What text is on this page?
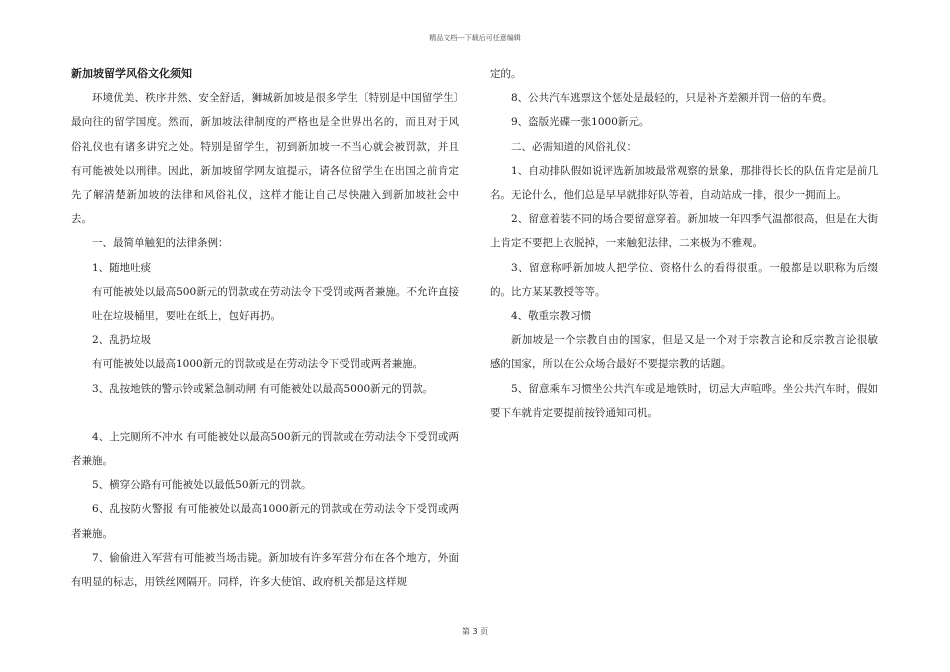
精品文档---下载后可任意编辑
新加坡留学风俗文化须知

环境优美、秩序井然、安全舒适，狮城新加坡是很多学生〔特别是中国留学生〕最向往的留学国度。然而，新加坡法律制度的严格也是全世界出名的，而且对于风俗礼仪也有诸多讲究之处。特别是留学生，初到新加坡一不当心就会被罚款，并且有可能被处以刑律。因此，新加坡留学网友谊提示，请各位留学生在出国之前肯定先了解清楚新加坡的法律和风俗礼仪，这样才能让自己尽快融入到新加坡社会中去。

一、最简单触犯的法律条例：

1、随地吐痰

有可能被处以最高500新元的罚款或在劳动法令下受罚或两者兼施。不允许直接吐在垃圾桶里，要吐在纸上，包好再扔。

2、乱扔垃圾

有可能被处以最高1000新元的罚款或是在劳动法令下受罚或两者兼施。

3、乱按地铁的警示铃或紧急制动闸 有可能被处以最高5000新元的罚款。

4、上完厕所不冲水 有可能被处以最高500新元的罚款或在劳动法令下受罚或两者兼施。

5、横穿公路有可能被处以最低50新元的罚款。

6、乱按防火警报 有可能被处以最高1000新元的罚款或在劳动法令下受罚或两者兼施。

7、偷偷进入军营有可能被当场击毙。新加坡有许多军营分布在各个地方，外面有明显的标志，用铁丝网隔开。同样，许多大使馆、政府机关都是这样规

定的。

8、公共汽车逃票这个惩处是最轻的，只是补齐差额并罚一倍的车费。

9、盗版光碟一张1000新元。

二、必需知道的风俗礼仪：

1、自动排队假如说评选新加坡最常观察的景象，那排得长长的队伍肯定是前几名。无论什么，他们总是早早就排好队等着，自动站成一排，很少一拥而上。

2、留意着装不同的场合要留意穿着。新加坡一年四季气温都很高，但是在大街上肯定不要把上衣脱掉，一来触犯法律，二来极为不雅观。

3、留意称呼新加坡人把学位、资格什么的看得很重。一般都是以职称为后缀的。比方某某教授等等。

4、敬重宗教习惯

新加坡是一个宗教自由的国家，但是又是一个对于宗教言论和反宗教言论很敏感的国家，所以在公众场合最好不要提宗教的话题。

5、留意乘车习惯坐公共汽车或是地铁时，切忌大声喧哗。坐公共汽车时，假如要下车就肯定要提前按铃通知司机。

第 3 页
